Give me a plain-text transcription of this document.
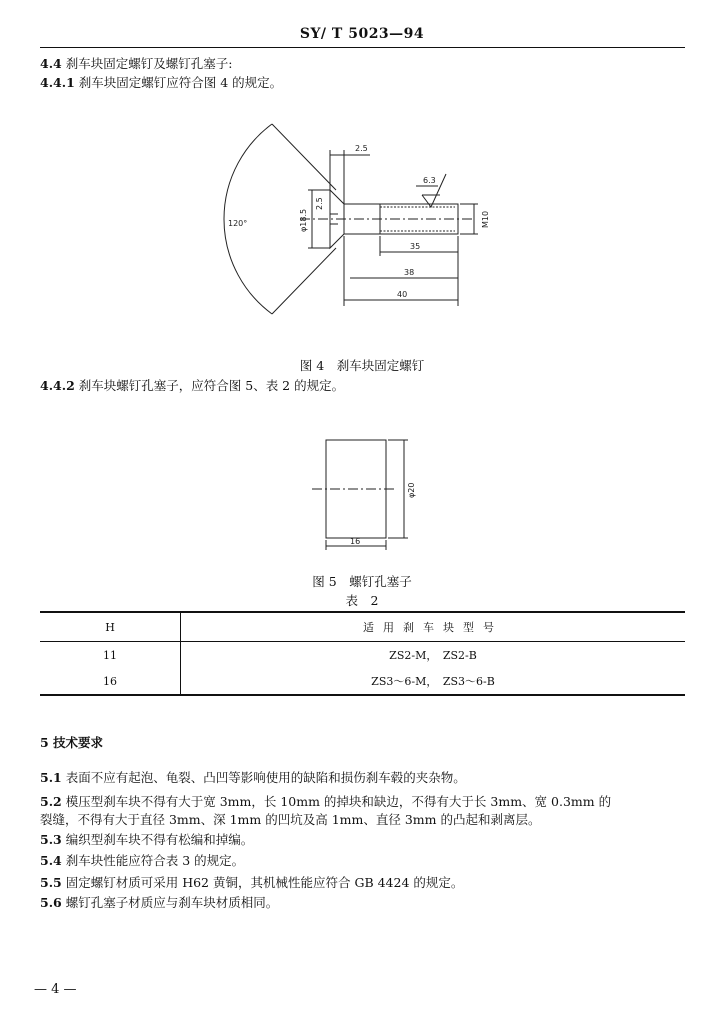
SY/ T 5023—94
4.4 刹车块固定螺钉及螺钉孔塞子:
4.4.1 刹车块固定螺钉应符合图 4 的规定。
120°
2.5
6.3
35
38
40
φ18.5
2.5
M10
图 4　刹车块固定螺钉
4.4.2 刹车块螺钉孔塞子，应符合图 5、表 2 的规定。
φ20
16
图 5　螺钉孔塞子
表　2
H	适用刹车块型号
11	ZS2-M，　ZS2-B
16	ZS3～6-M，　ZS3～6-B
5 技术要求
5.1 表面不应有起泡、龟裂、凸凹等影响使用的缺陷和损伤刹车毂的夹杂物。
5.2 模压型刹车块不得有大于宽 3mm，长 10mm 的掉块和缺边，不得有大于长 3mm、宽 0.3mm 的
裂缝，不得有大于直径 3mm、深 1mm 的凹坑及高 1mm、直径 3mm 的凸起和剥离层。
5.3 编织型刹车块不得有松编和掉编。
5.4 刹车块性能应符合表 3 的规定。
5.5 固定螺钉材质可采用 H62 黄铜，其机械性能应符合 GB 4424 的规定。
5.6 螺钉孔塞子材质应与刹车块材质相同。
— 4 —
